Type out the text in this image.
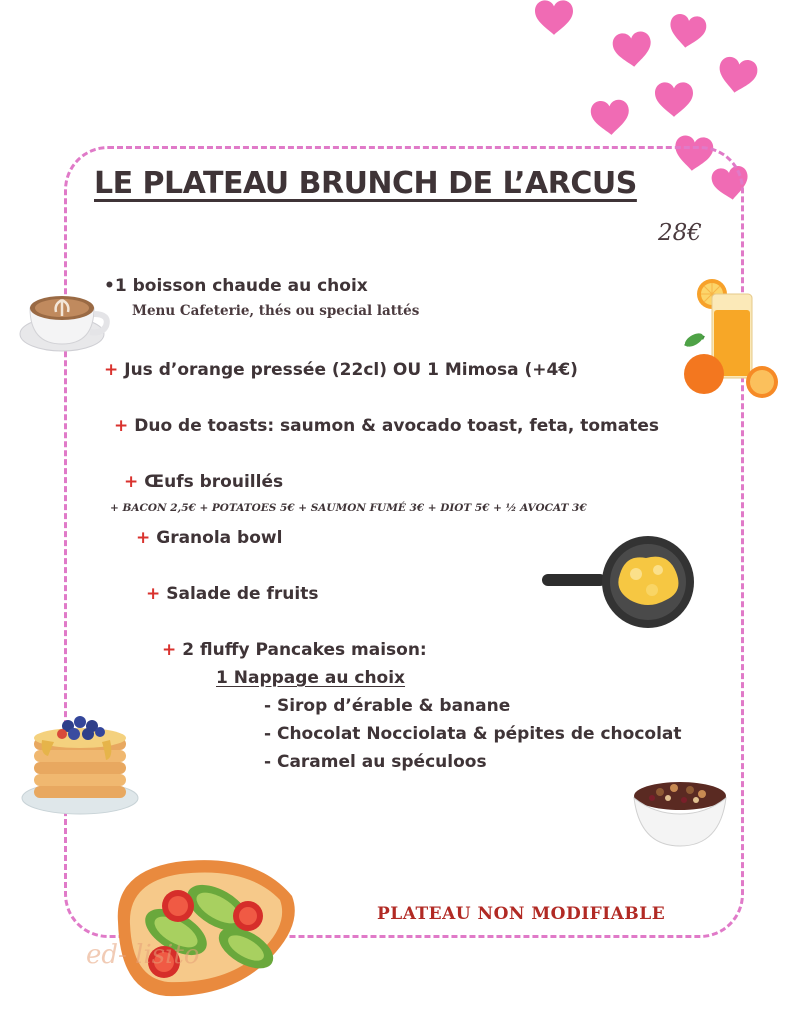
LE PLATEAU BRUNCH DE L’ARCUS
28€
•1 boisson chaude au choix
Menu Cafeterie, thés ou special lattés
+ Jus d’orange pressée (22cl) OU 1 Mimosa (+4€)
+ Duo de toasts: saumon & avocado toast, feta, tomates
+ Œufs brouillés
+ BACON 2,5€ + POTATOES 5€ + SAUMON FUMÉ 3€ + DIOT 5€ + ½ AVOCAT 3€
+ Granola bowl
+ Salade de fruits
+ 2 fluffy Pancakes maison:
1 Nappage au choix
- Sirop d’érable & banane
- Chocolat Nocciolata & pépites de chocolat
- Caramel au spéculoos
PLATEAU NON MODIFIABLE
ed- lisito
